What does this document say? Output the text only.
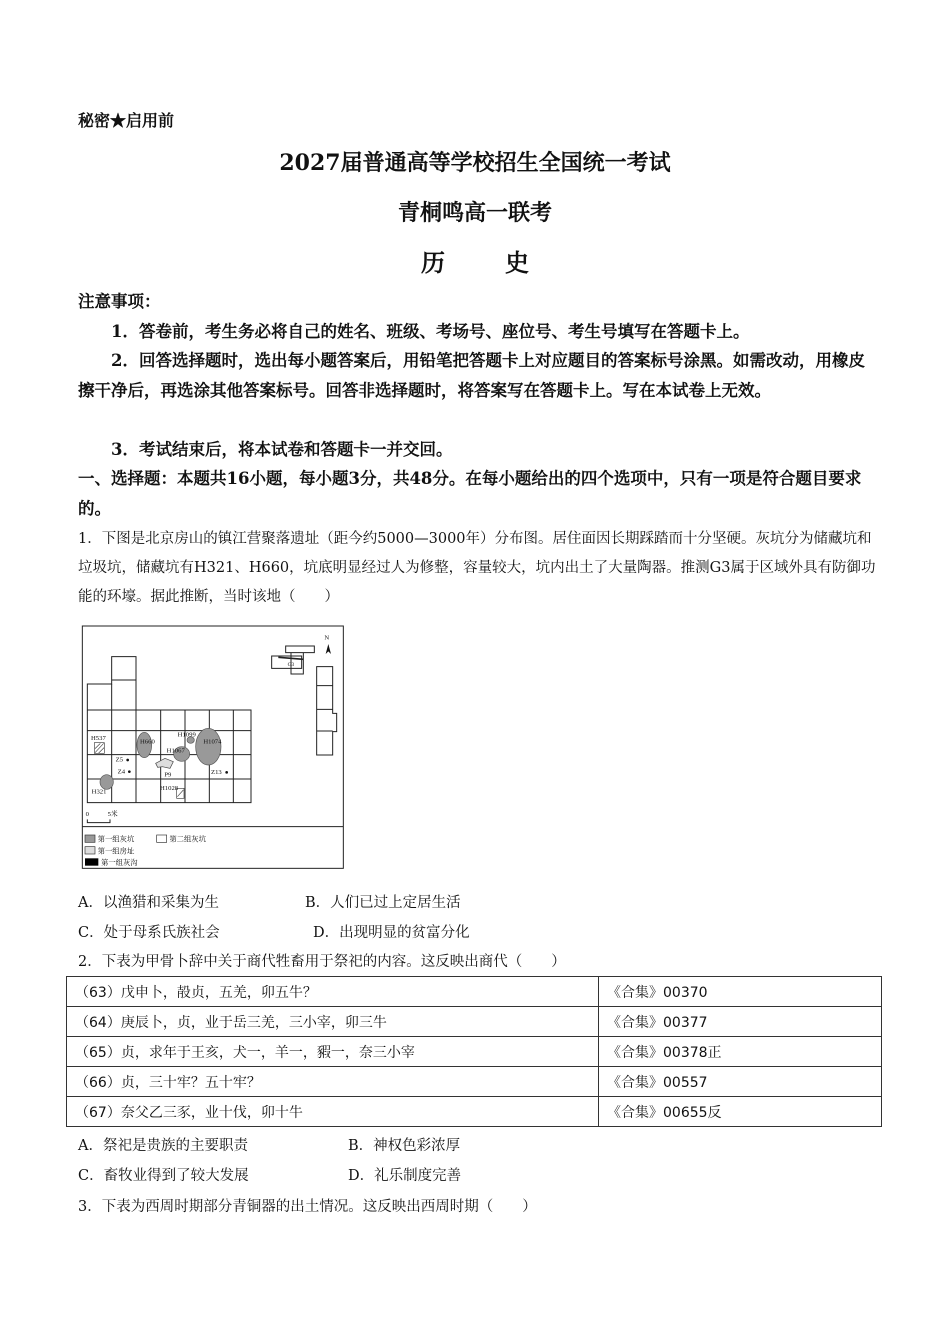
秘密★启用前
2027届普通高等学校招生全国统一考试
青桐鸣高一联考
历　史
注意事项：
1．答卷前，考生务必将自己的姓名、班级、考场号、座位号、考生号填写在答题卡上。
2．回答选择题时，选出每小题答案后，用铅笔把答题卡上对应题目的答案标号涂黑。如需改动，用橡皮擦干净后，再选涂其他答案标号。回答非选择题时，将答案写在答题卡上。写在本试卷上无效。
3．考试结束后，将本试卷和答题卡一并交回。
一、选择题：本题共16小题，每小题3分，共48分。在每小题给出的四个选项中，只有一项是符合题目要求的。
1．下图是北京房山的镇江营聚落遗址（距今约5000—3000年）分布图。居住面因长期踩踏而十分坚硬。灰坑分为储藏坑和垃圾坑，储藏坑有H321、H660，坑底明显经过人为修整，容量较大，坑内出土了大量陶器。推测G3属于区域外具有防御功能的环壕。据此推断，当时该地（　　）
N
G3
H537 H660
H1099
H1074
H1067
Z5
Z4 P9 Z13
H321	H1028
0 5米
第一组灰坑 第二组灰坑
第一组房址
第一组灰沟
A．以渔猎和采集为生	B．人们已过上定居生活
C．处于母系氏族社会	D．出现明显的贫富分化
2．下表为甲骨卜辞中关于商代牲畜用于祭祀的内容。这反映出商代（　　）
（63）戊申卜，㱿贞，五羌，卯五牛？	《合集》00370
（64）庚辰卜，贞，业于岳三羌，三小宰，卯三牛	《合集》00377
（65）贞，求年于王亥，犬一，羊一，豭一，奈三小宰	《合集》00378正
（66）贞，三十牢？五十牢？	《合集》00557
（67）奈父乙三豕，业十伐，卯十牛	《合集》00655反
A．祭祀是贵族的主要职责	B．神权色彩浓厚
C．畜牧业得到了较大发展	D．礼乐制度完善
3．下表为西周时期部分青铜器的出土情况。这反映出西周时期（　　）
